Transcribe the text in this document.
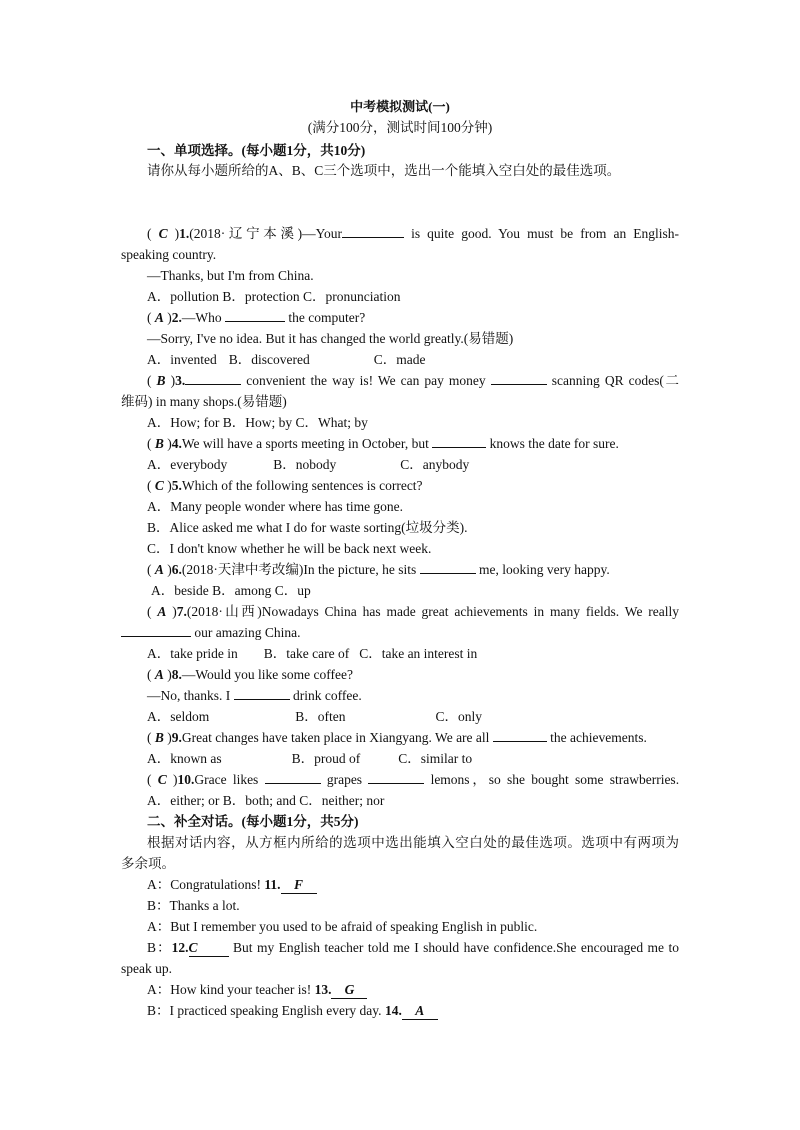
中考模拟测试(一)
(满分100分，测试时间100分钟)
一、单项选择。(每小题1分，共10分)
请你从每小题所给的A、B、C三个选项中，选出一个能填入空白处的最佳选项。
( C )1.(2018·辽宁本溪)—Your	is quite good. You must be from an English-
speaking country.
—Thanks, but I'm from China.
A．pollution B．protection C．pronunciation
( A )2.—Who	the computer?
—Sorry, I've no idea. But it has changed the world greatly.(易错题)
A．invented B．discovered	C．made
( B )3.	convenient the way is! We can pay money	scanning QR codes(二
维码) in many shops.(易错题)
A．How; for B．How; by C．What; by
( B )4.We will have a sports meeting in October, but	knows the date for sure.
A．everybody	B．nobody	C．anybody
( C )5.Which of the following sentences is correct?
A．Many people wonder where has time gone.
B．Alice asked me what I do for waste sorting(垃圾分类).
C．I don't know whether he will be back next week.
( A )6.(2018·天津中考改编)In the picture, he sits	me, looking very happy.
A．beside B．among C．up
( A )7.(2018·山西)Nowadays China has made great achievements in many fields. We really
our amazing China.
A．take pride in B．take care of C．take an interest in
( A )8.—Would you like some coffee?
—No, thanks. I	drink coffee.
A．seldom	B．often	C．only
( B )9.Great changes have taken place in Xiangyang. We are all	the achievements.
A．known as	B．proud of	C．similar to
( C )10.Grace likes	grapes	lemons，so she bought some strawberries.
A．either; or B．both; and C．neither; nor
二、补全对话。(每小题1分，共5分)
根据对话内容，从方框内所给的选项中选出能填入空白处的最佳选项。选项中有两项为
多余项。
A：Congratulations! 11. F
B：Thanks a lot.
A：But I remember you used to be afraid of speaking English in public.
B：12.C	But my English teacher told me I should have confidence.She encouraged me to
speak up.
A：How kind your teacher is! 13. G
B：I practiced speaking English every day. 14. A
